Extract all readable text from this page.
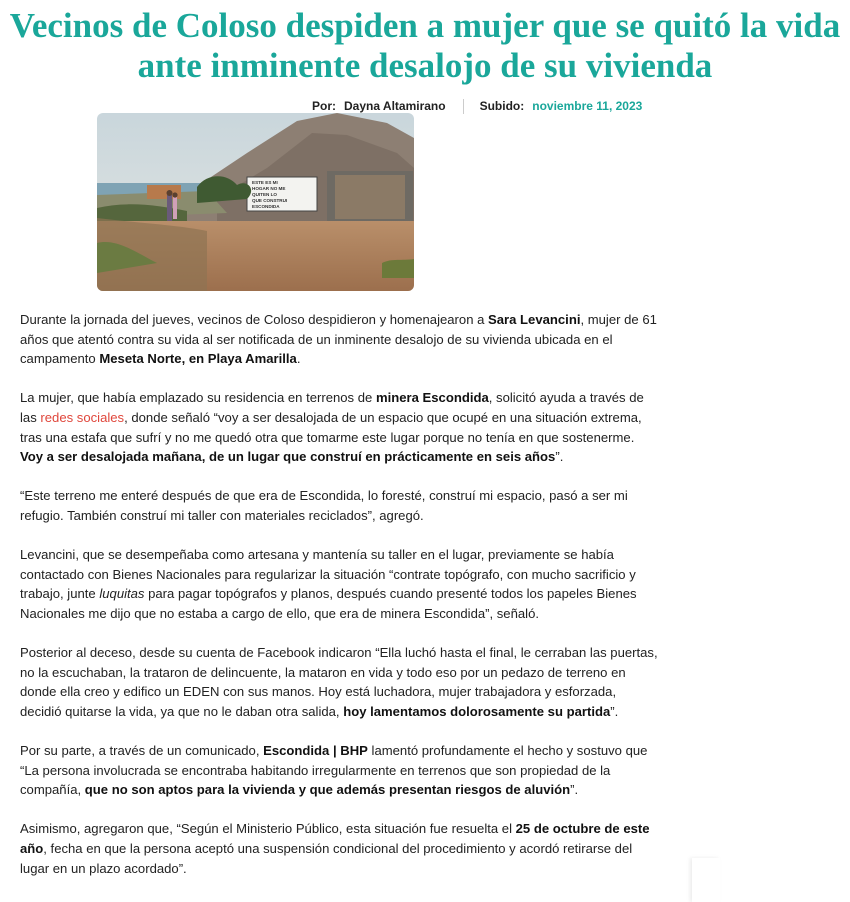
Vecinos de Coloso despiden a mujer que se quitó la vida ante inminente desalojo de su vivienda
Por: Dayna Altamirano	Subido: noviembre 11, 2023
ESTE ES MI
HOGAR NO ME
QUITEN LO
QUE CONSTRUI
ESCONDIDA

Durante la jornada del jueves, vecinos de Coloso despidieron y homenajearon a Sara Levancini, mujer de 61 años que atentó contra su vida al ser notificada de un inminente desalojo de su vivienda ubicada en el campamento Meseta Norte, en Playa Amarilla.

La mujer, que había emplazado su residencia en terrenos de minera Escondida, solicitó ayuda a través de las redes sociales, donde señaló “voy a ser desalojada de un espacio que ocupé en una situación extrema, tras una estafa que sufrí y no me quedó otra que tomarme este lugar porque no tenía en que sostenerme. Voy a ser desalojada mañana, de un lugar que construí en prácticamente en seis años”.

“Este terreno me enteré después de que era de Escondida, lo foresté, construí mi espacio, pasó a ser mi refugio. También construí mi taller con materiales reciclados”, agregó.

Levancini, que se desempeñaba como artesana y mantenía su taller en el lugar, previamente se había contactado con Bienes Nacionales para regularizar la situación “contrate topógrafo, con mucho sacrificio y trabajo, junte luquitas para pagar topógrafos y planos, después cuando presenté todos los papeles Bienes Nacionales me dijo que no estaba a cargo de ello, que era de minera Escondida”, señaló.

Posterior al deceso, desde su cuenta de Facebook indicaron “Ella luchó hasta el final, le cerraban las puertas, no la escuchaban, la trataron de delincuente, la mataron en vida y todo eso por un pedazo de terreno en donde ella creo y edifico un EDEN con sus manos. Hoy está luchadora, mujer trabajadora y esforzada, decidió quitarse la vida, ya que no le daban otra salida, hoy lamentamos dolorosamente su partida”.

Por su parte, a través de un comunicado, Escondida | BHP lamentó profundamente el hecho y sostuvo que “La persona involucrada se encontraba habitando irregularmente en terrenos que son propiedad de la compañía, que no son aptos para la vivienda y que además presentan riesgos de aluvión”.

Asimismo, agregaron que, “Según el Ministerio Público, esta situación fue resuelta el 25 de octubre de este año, fecha en que la persona aceptó una suspensión condicional del procedimiento y acordó retirarse del lugar en un plazo acordado”.
